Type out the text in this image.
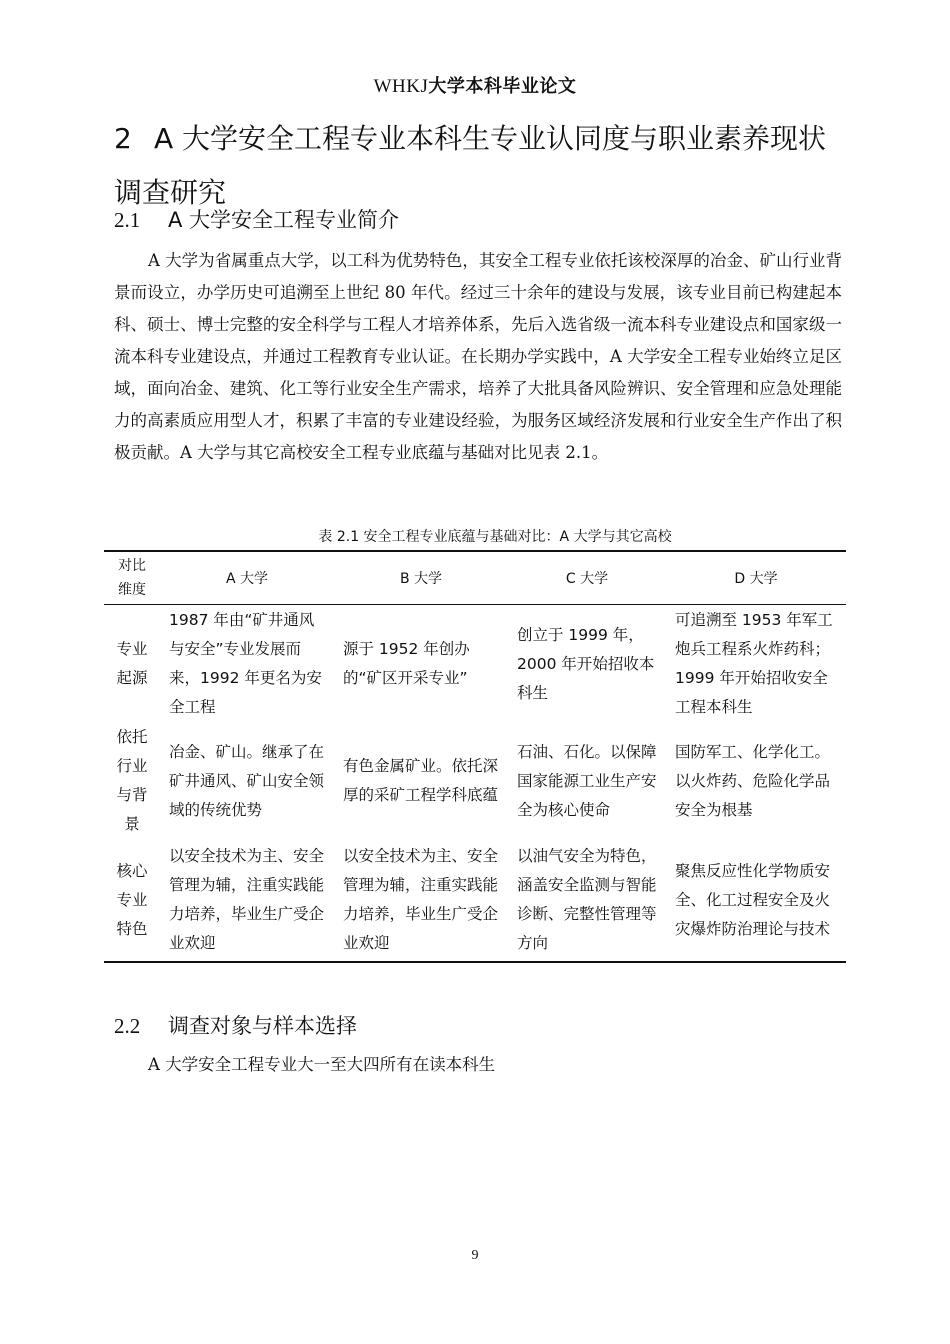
WHKJ大学本科毕业论文
2 A 大学安全工程专业本科生专业认同度与职业素养现状调查研究
2.1 A 大学安全工程专业简介

A 大学为省属重点大学，以工科为优势特色，其安全工程专业依托该校深厚的冶金、矿山行业背景而设立，办学历史可追溯至上世纪 80 年代。经过三十余年的建设与发展，该专业目前已构建起本科、硕士、博士完整的安全科学与工程人才培养体系，先后入选省级一流本科专业建设点和国家级一流本科专业建设点，并通过工程教育专业认证。在长期办学实践中，A 大学安全工程专业始终立足区域，面向冶金、建筑、化工等行业安全生产需求，培养了大批具备风险辨识、安全管理和应急处理能力的高素质应用型人才，积累了丰富的专业建设经验，为服务区域经济发展和行业安全生产作出了积极贡献。A 大学与其它高校安全工程专业底蕴与基础对比见表 2.1。

表 2.1 安全工程专业底蕴与基础对比：A 大学与其它高校
对比维度	A 大学	B 大学	C 大学	D 大学
专业起源	1987 年由“矿井通风与安全”专业发展而来，1992 年更名为安全工程	源于 1952 年创办的“矿区开采专业”	创立于 1999 年，2000 年开始招收本科生	可追溯至 1953 年军工炮兵工程系火炸药科；1999 年开始招收安全工程本科生
依托行业与背景	冶金、矿山。继承了在矿井通风、矿山安全领域的传统优势	有色金属矿业。依托深厚的采矿工程学科底蕴	石油、石化。以保障国家能源工业生产安全为核心使命	国防军工、化学化工。以火炸药、危险化学品安全为根基
核心专业特色	以安全技术为主、安全管理为辅，注重实践能力培养，毕业生广受企业欢迎	以安全技术为主、安全管理为辅，注重实践能力培养，毕业生广受企业欢迎	以油气安全为特色，涵盖安全监测与智能诊断、完整性管理等方向	聚焦反应性化学物质安全、化工过程安全及火灾爆炸防治理论与技术
2.2 调查对象与样本选择

A 大学安全工程专业大一至大四所有在读本科生

9
